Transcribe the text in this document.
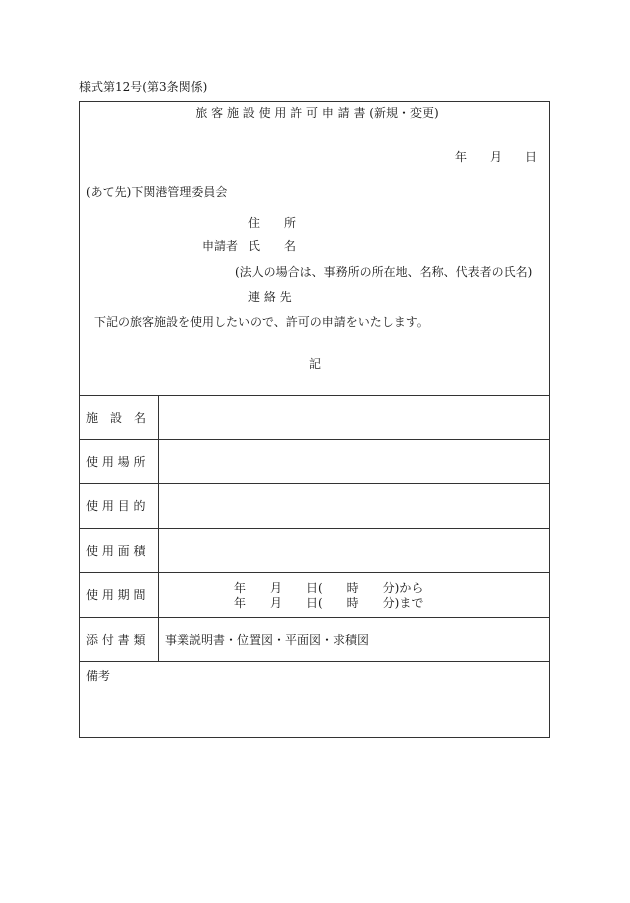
様式第12号(第3条関係)
旅 客 施 設 使 用 許 可 申 請 書 (新規・変更)
年 月 日
(あて先)下関港管理委員会
住　　所
申請者 氏　　名
(法人の場合は、事務所の所在地、名称、代表者の氏名)
連 絡 先
下記の旅客施設を使用したいので、許可の申請をいたします。
記
施　設　名
使 用 場 所
使 用 目 的
使 用 面 積
使 用 期 間	年　　月　　日(　　時　　分)から
年　　月　　日(　　時　　分)まで
添 付 書 類 事業説明書・位置図・平面図・求積図
備考
